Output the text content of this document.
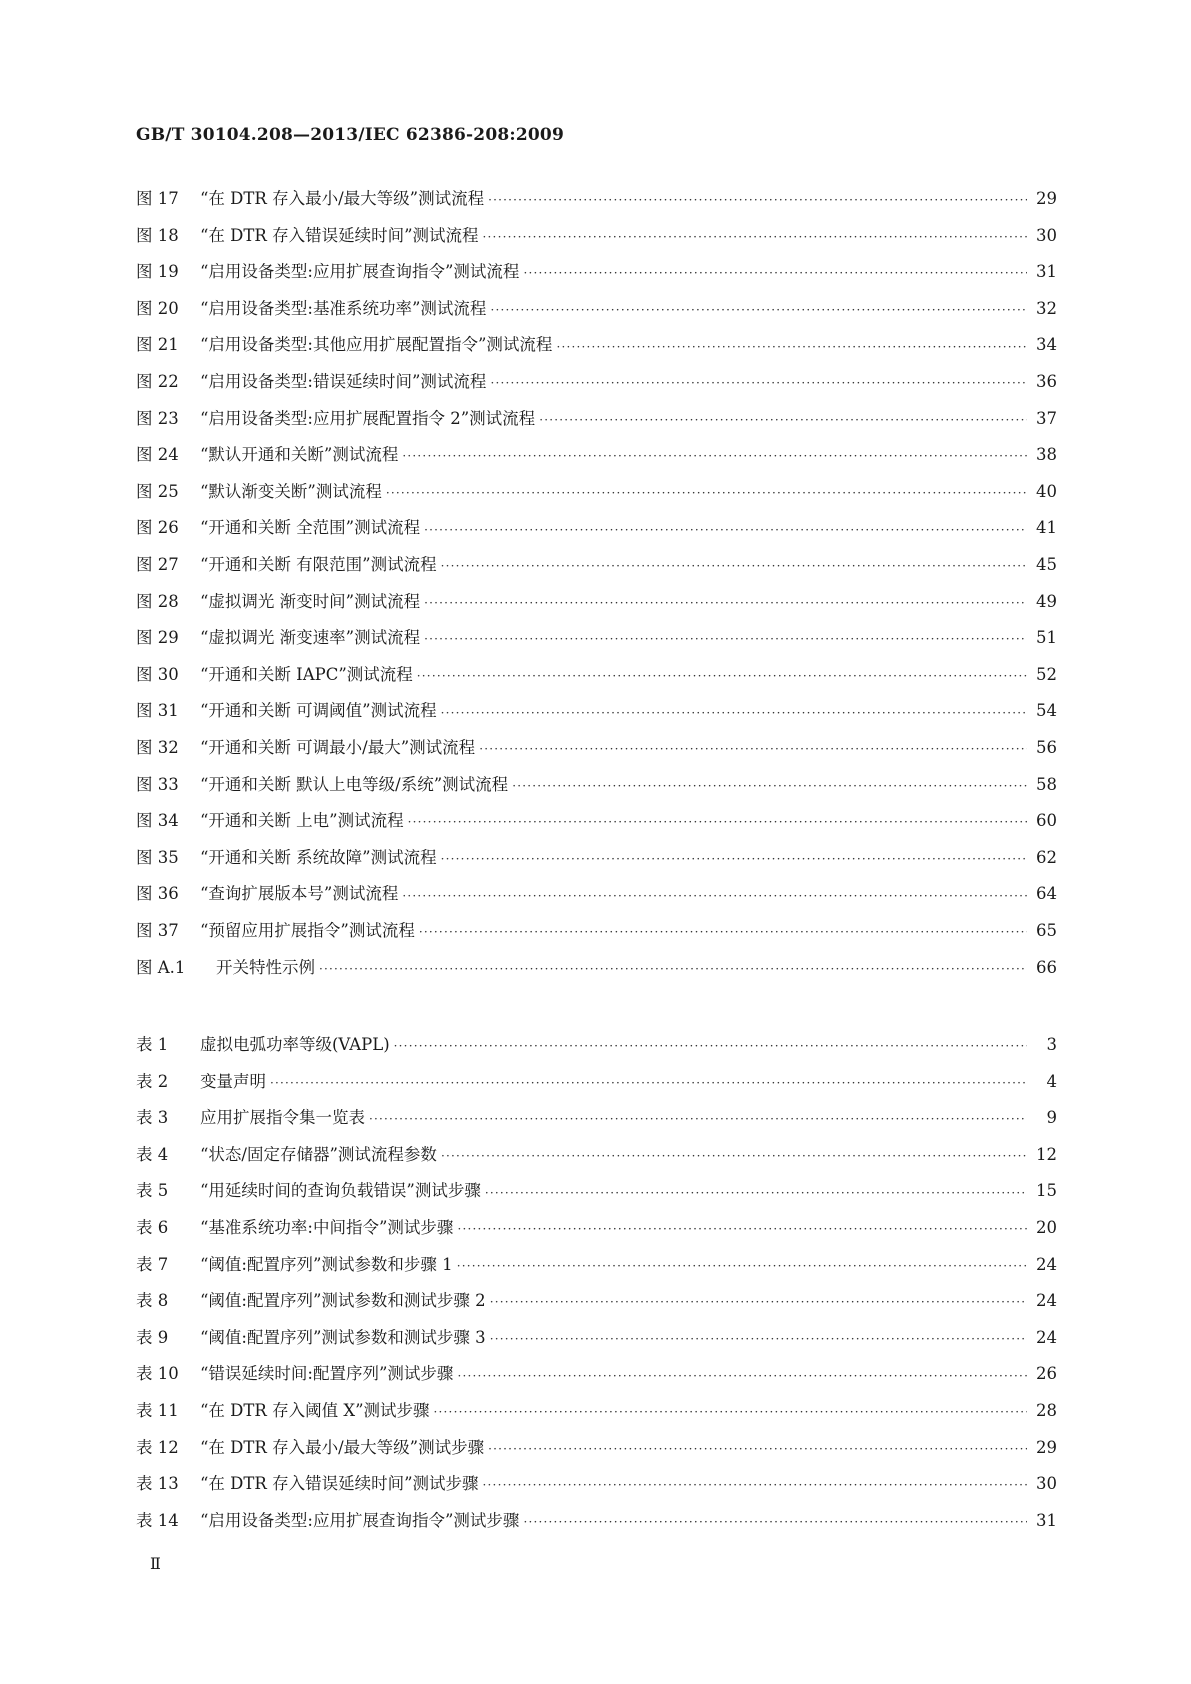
GB/T 30104.208—2013/IEC 62386-208:2009
图 17	“在 DTR 存入最小/最大等级”测试流程 ·····	29
图 18	“在 DTR 存入错误延续时间”测试流程 ·····	30
图 19	“启用设备类型:应用扩展查询指令”测试流程 ·····	31
图 20	“启用设备类型:基准系统功率”测试流程 ·····	32
图 21	“启用设备类型:其他应用扩展配置指令”测试流程 ·····	34
图 22	“启用设备类型:错误延续时间”测试流程 ·····	36
图 23	“启用设备类型:应用扩展配置指令 2”测试流程 ·····	37
图 24	“默认开通和关断”测试流程 ·····	38
图 25	“默认渐变关断”测试流程 ·····	40
图 26	“开通和关断 全范围”测试流程 ·····	41
图 27	“开通和关断 有限范围”测试流程 ·····	45
图 28	“虚拟调光 渐变时间”测试流程 ·····	49
图 29	“虚拟调光 渐变速率”测试流程 ·····	51
图 30	“开通和关断 IAPC”测试流程 ·····	52
图 31	“开通和关断 可调阈值”测试流程 ·····	54
图 32	“开通和关断 可调最小/最大”测试流程 ·····	56
图 33	“开通和关断 默认上电等级/系统”测试流程 ·····	58
图 34	“开通和关断 上电”测试流程 ·····	60
图 35	“开通和关断 系统故障”测试流程 ·····	62
图 36	“查询扩展版本号”测试流程 ·····	64
图 37	“预留应用扩展指令”测试流程 ·····	65
图 A.1	开关特性示例 ·····	66
表 1	虚拟电弧功率等级(VAPL) ·····	3
表 2	变量声明 ·····	4
表 3	应用扩展指令集一览表 ·····	9
表 4	“状态/固定存储器”测试流程参数 ·····	12
表 5	“用延续时间的查询负载错误”测试步骤 ·····	15
表 6	“基准系统功率:中间指令”测试步骤 ·····	20
表 7	“阈值:配置序列”测试参数和步骤 1 ·····	24
表 8	“阈值:配置序列”测试参数和测试步骤 2 ·····	24
表 9	“阈值:配置序列”测试参数和测试步骤 3 ·····	24
表 10	“错误延续时间:配置序列”测试步骤 ·····	26
表 11	“在 DTR 存入阈值 X”测试步骤 ·····	28
表 12	“在 DTR 存入最小/最大等级”测试步骤 ·····	29
表 13	“在 DTR 存入错误延续时间”测试步骤 ·····	30
表 14	“启用设备类型:应用扩展查询指令”测试步骤 ·····	31
Ⅱ
